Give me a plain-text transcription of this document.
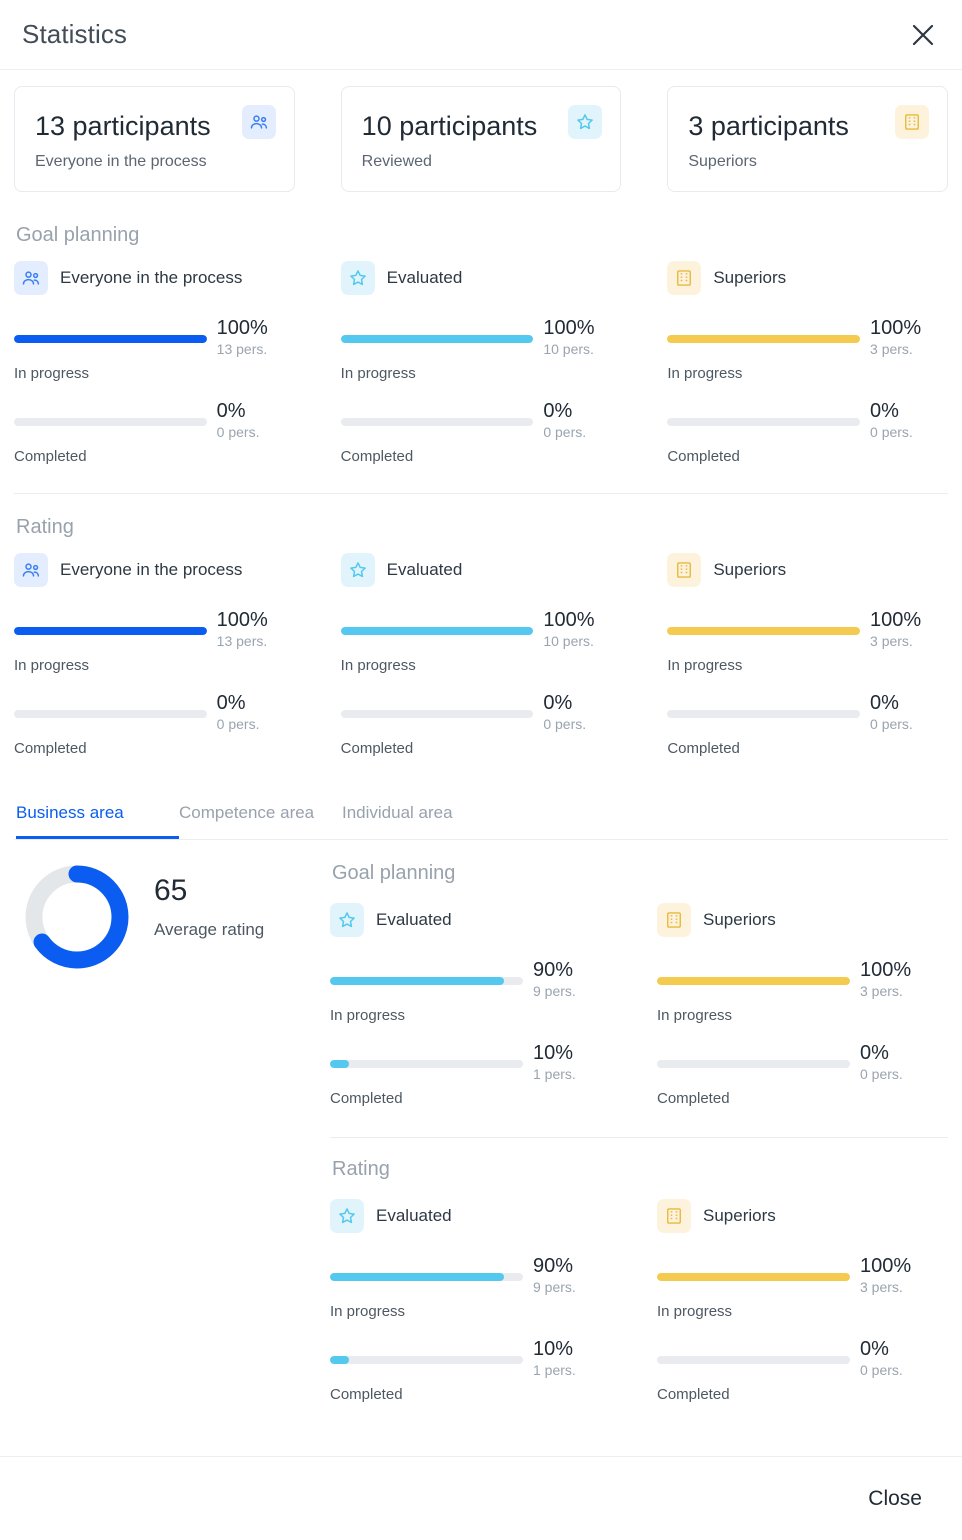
Statistics
13 participants
Everyone in the process
10 participants
Reviewed
3 participants
Superiors
Goal planning
Everyone in the process
100%
13 pers.
In progress
0%
0 pers.
Completed
Evaluated
100%
10 pers.
In progress
0%
0 pers.
Completed
Superiors
100%
3 pers.
In progress
0%
0 pers.
Completed
Rating
Everyone in the process
100%
13 pers.
In progress
0%
0 pers.
Completed
Evaluated
100%
10 pers.
In progress
0%
0 pers.
Completed
Superiors
100%
3 pers.
In progress
0%
0 pers.
Completed
Business area	Competence area	Individual area
65
Average rating
Goal planning
Evaluated
90%
9 pers.
In progress
10%
1 pers.
Completed
Superiors
100%
3 pers.
In progress
0%
0 pers.
Completed
Rating
Evaluated
90%
9 pers.
In progress
10%
1 pers.
Completed
Superiors
100%
3 pers.
In progress
0%
0 pers.
Completed
Close
